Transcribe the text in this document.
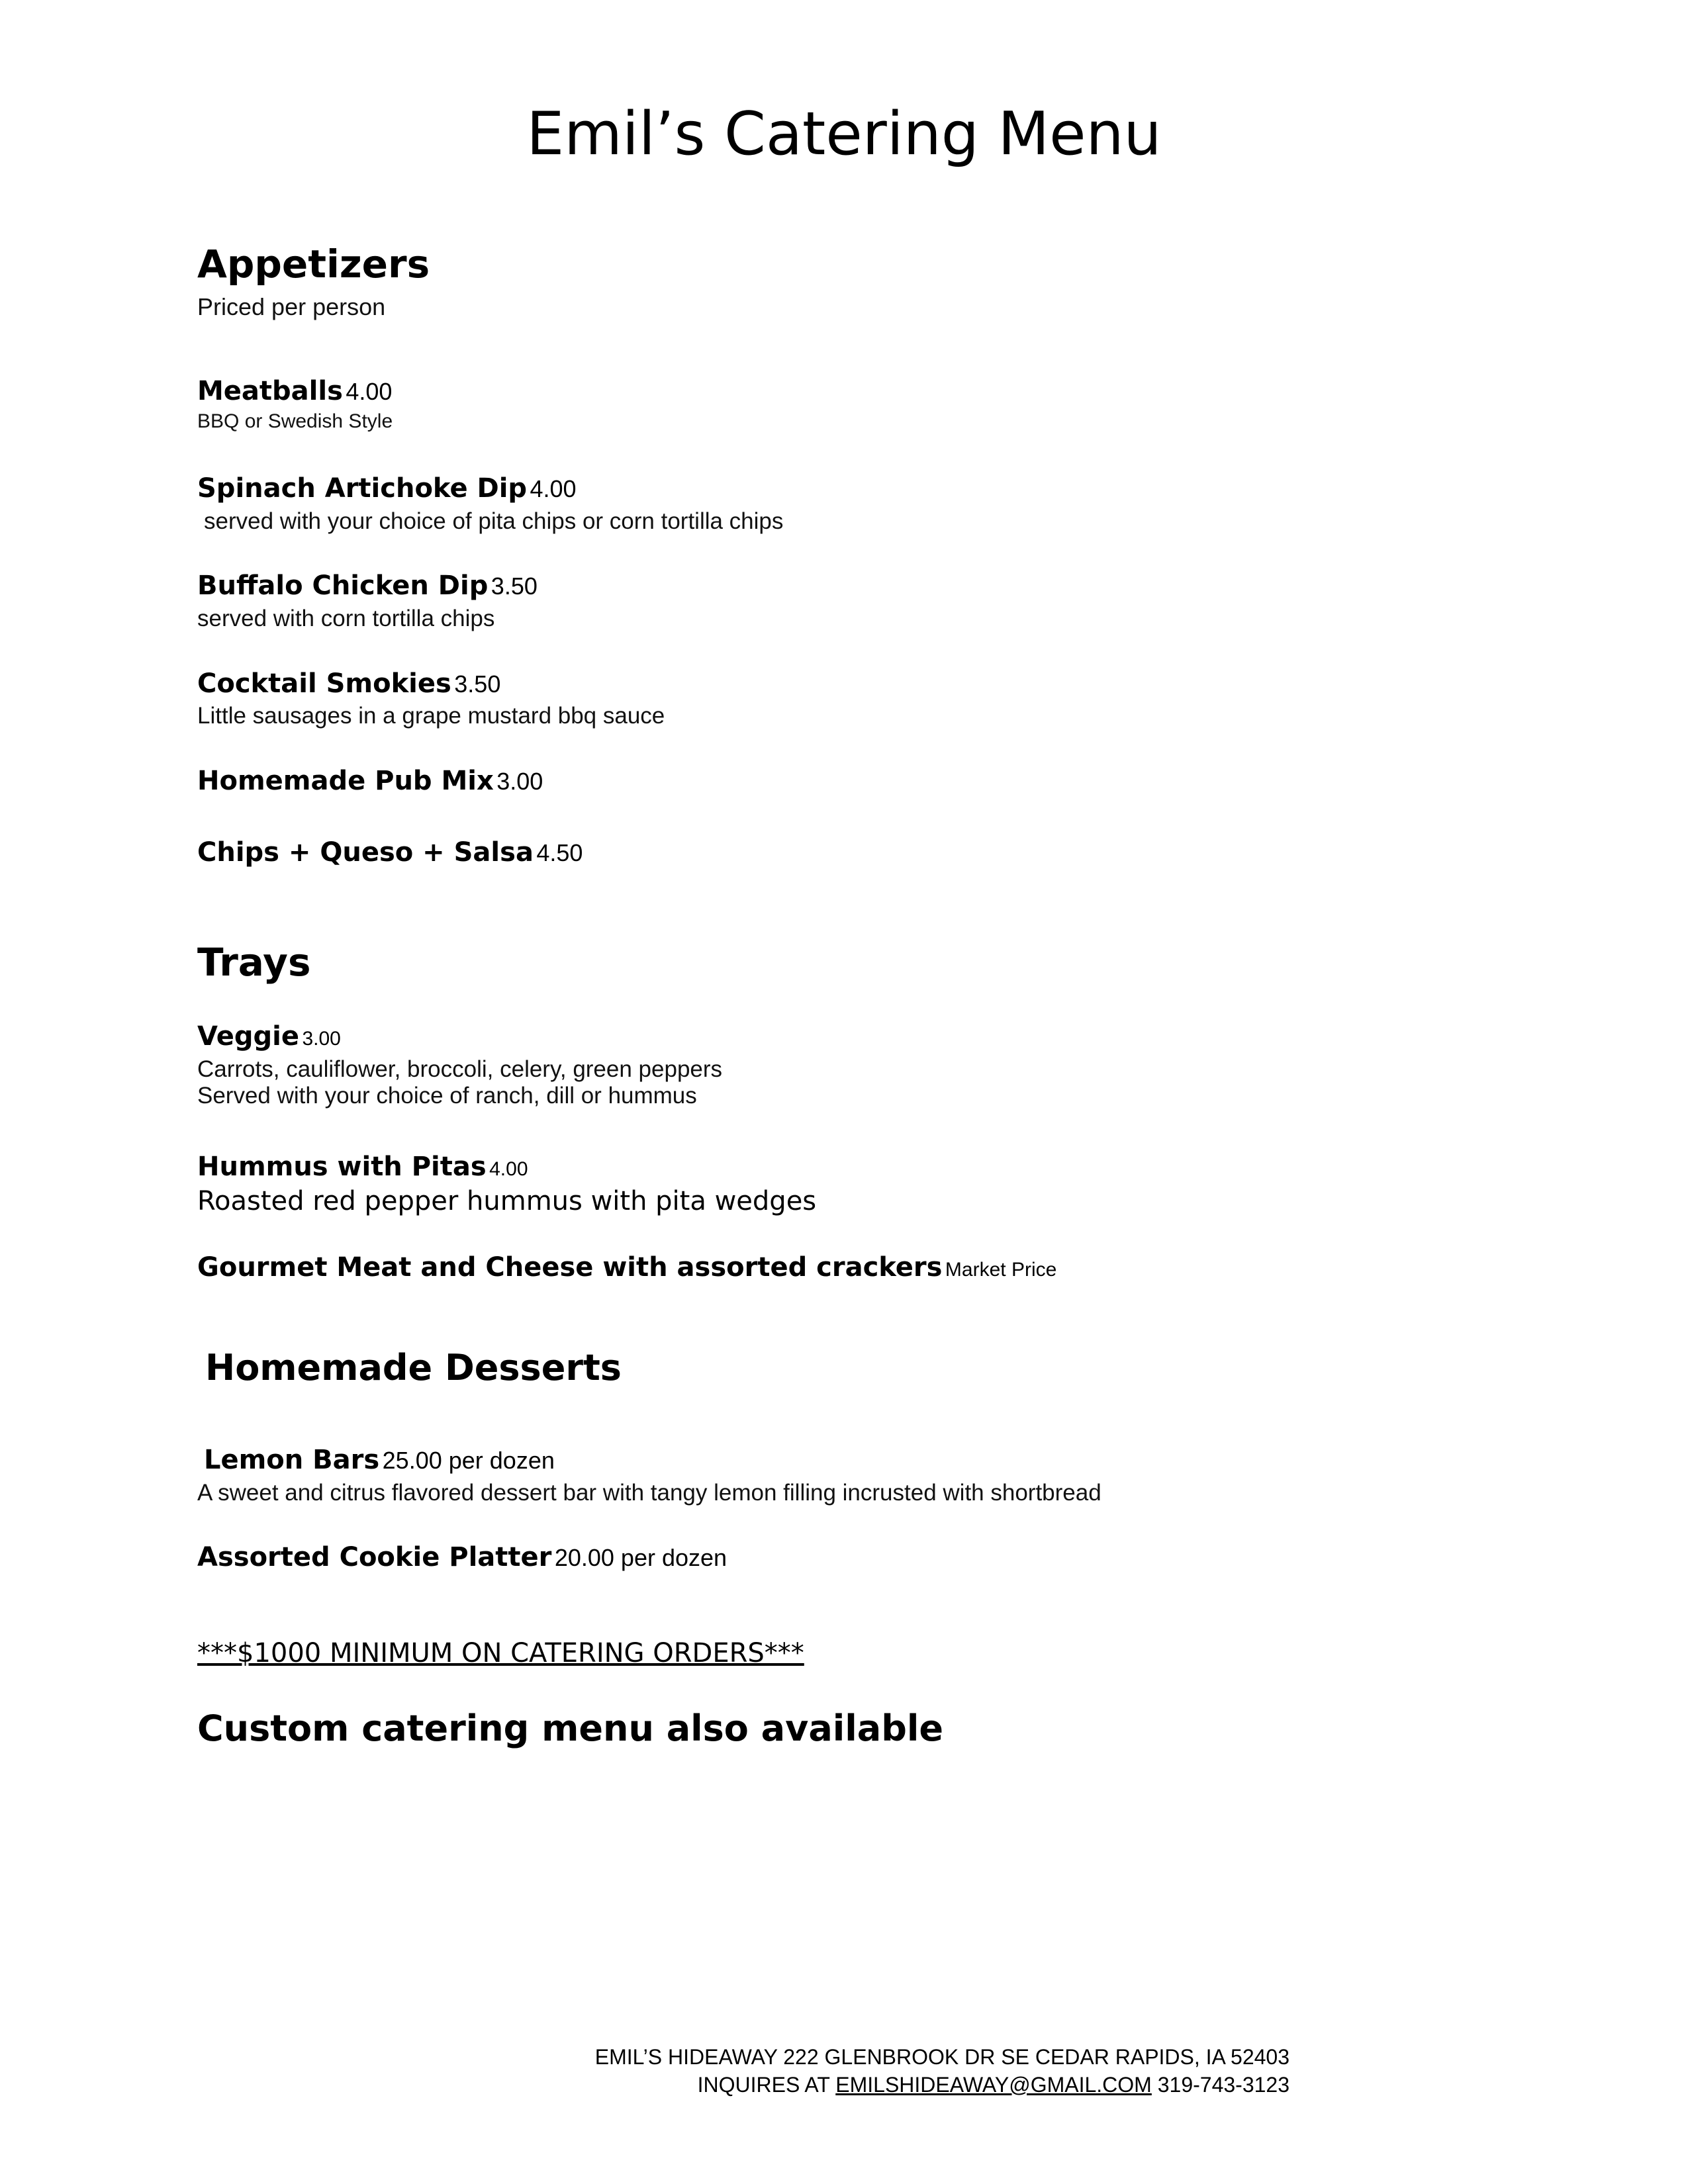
Emil’s Catering Menu
Appetizers
Priced per person
Meatballs 4.00
BBQ or Swedish Style
Spinach Artichoke Dip 4.00
served with your choice of pita chips or corn tortilla chips
Buffalo Chicken Dip 3.50
served with corn tortilla chips
Cocktail Smokies 3.50
Little sausages in a grape mustard bbq sauce
Homemade Pub Mix 3.00
Chips + Queso + Salsa 4.50
Trays
Veggie 3.00
Carrots, cauliflower, broccoli, celery, green peppers
Served with your choice of ranch, dill or hummus
Hummus with Pitas 4.00
Roasted red pepper hummus with pita wedges
Gourmet Meat and Cheese with assorted crackers Market Price
Homemade Desserts
Lemon Bars 25.00 per dozen
A sweet and citrus flavored dessert bar with tangy lemon filling incrusted with shortbread
Assorted Cookie Platter 20.00 per dozen
***$1000 MINIMUM ON CATERING ORDERS***
Custom catering menu also available
EMIL’S HIDEAWAY 222 GLENBROOK DR SE CEDAR RAPIDS, IA 52403
INQUIRES AT EMILSHIDEAWAY@GMAIL.COM 319-743-3123
